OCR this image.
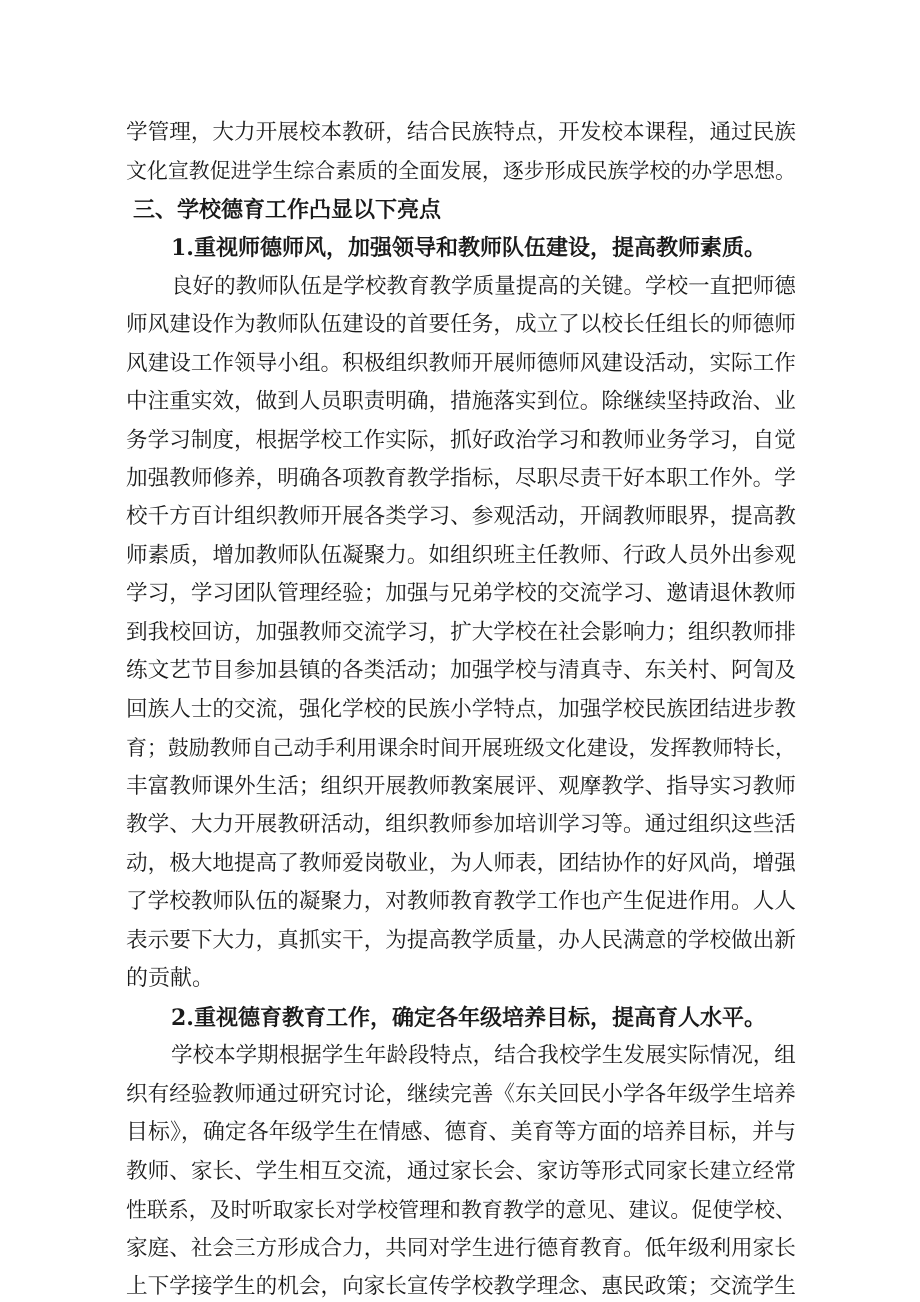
学管理，大力开展校本教研，结合民族特点，开发校本课程，通过民族
文化宣教促进学生综合素质的全面发展，逐步形成民族学校的办学思想。
三、学校德育工作凸显以下亮点
1.重视师德师风，加强领导和教师队伍建设，提高教师素质。
良好的教师队伍是学校教育教学质量提高的关键。学校一直把师德
师风建设作为教师队伍建设的首要任务，成立了以校长任组长的师德师
风建设工作领导小组。积极组织教师开展师德师风建设活动，实际工作
中注重实效，做到人员职责明确，措施落实到位。除继续坚持政治、业
务学习制度，根据学校工作实际，抓好政治学习和教师业务学习，自觉
加强教师修养，明确各项教育教学指标，尽职尽责干好本职工作外。学
校千方百计组织教师开展各类学习、参观活动，开阔教师眼界，提高教
师素质，增加教师队伍凝聚力。如组织班主任教师、行政人员外出参观
学习，学习团队管理经验；加强与兄弟学校的交流学习、邀请退休教师
到我校回访，加强教师交流学习，扩大学校在社会影响力；组织教师排
练文艺节目参加县镇的各类活动；加强学校与清真寺、东关村、阿訇及
回族人士的交流，强化学校的民族小学特点，加强学校民族团结进步教
育；鼓励教师自己动手利用课余时间开展班级文化建设，发挥教师特长，
丰富教师课外生活；组织开展教师教案展评、观摩教学、指导实习教师
教学、大力开展教研活动，组织教师参加培训学习等。通过组织这些活
动，极大地提高了教师爱岗敬业，为人师表，团结协作的好风尚，增强
了学校教师队伍的凝聚力，对教师教育教学工作也产生促进作用。人人
表示要下大力，真抓实干，为提高教学质量，办人民满意的学校做出新
的贡献。
2.重视德育教育工作，确定各年级培养目标，提高育人水平。
学校本学期根据学生年龄段特点，结合我校学生发展实际情况，组
织有经验教师通过研究讨论，继续完善《东关回民小学各年级学生培养
目标》，确定各年级学生在情感、德育、美育等方面的培养目标，并与
教师、家长、学生相互交流，通过家长会、家访等形式同家长建立经常
性联系，及时听取家长对学校管理和教育教学的意见、建议。促使学校、
家庭、社会三方形成合力，共同对学生进行德育教育。低年级利用家长
上下学接学生的机会，向家长宣传学校教学理念、惠民政策；交流学生
